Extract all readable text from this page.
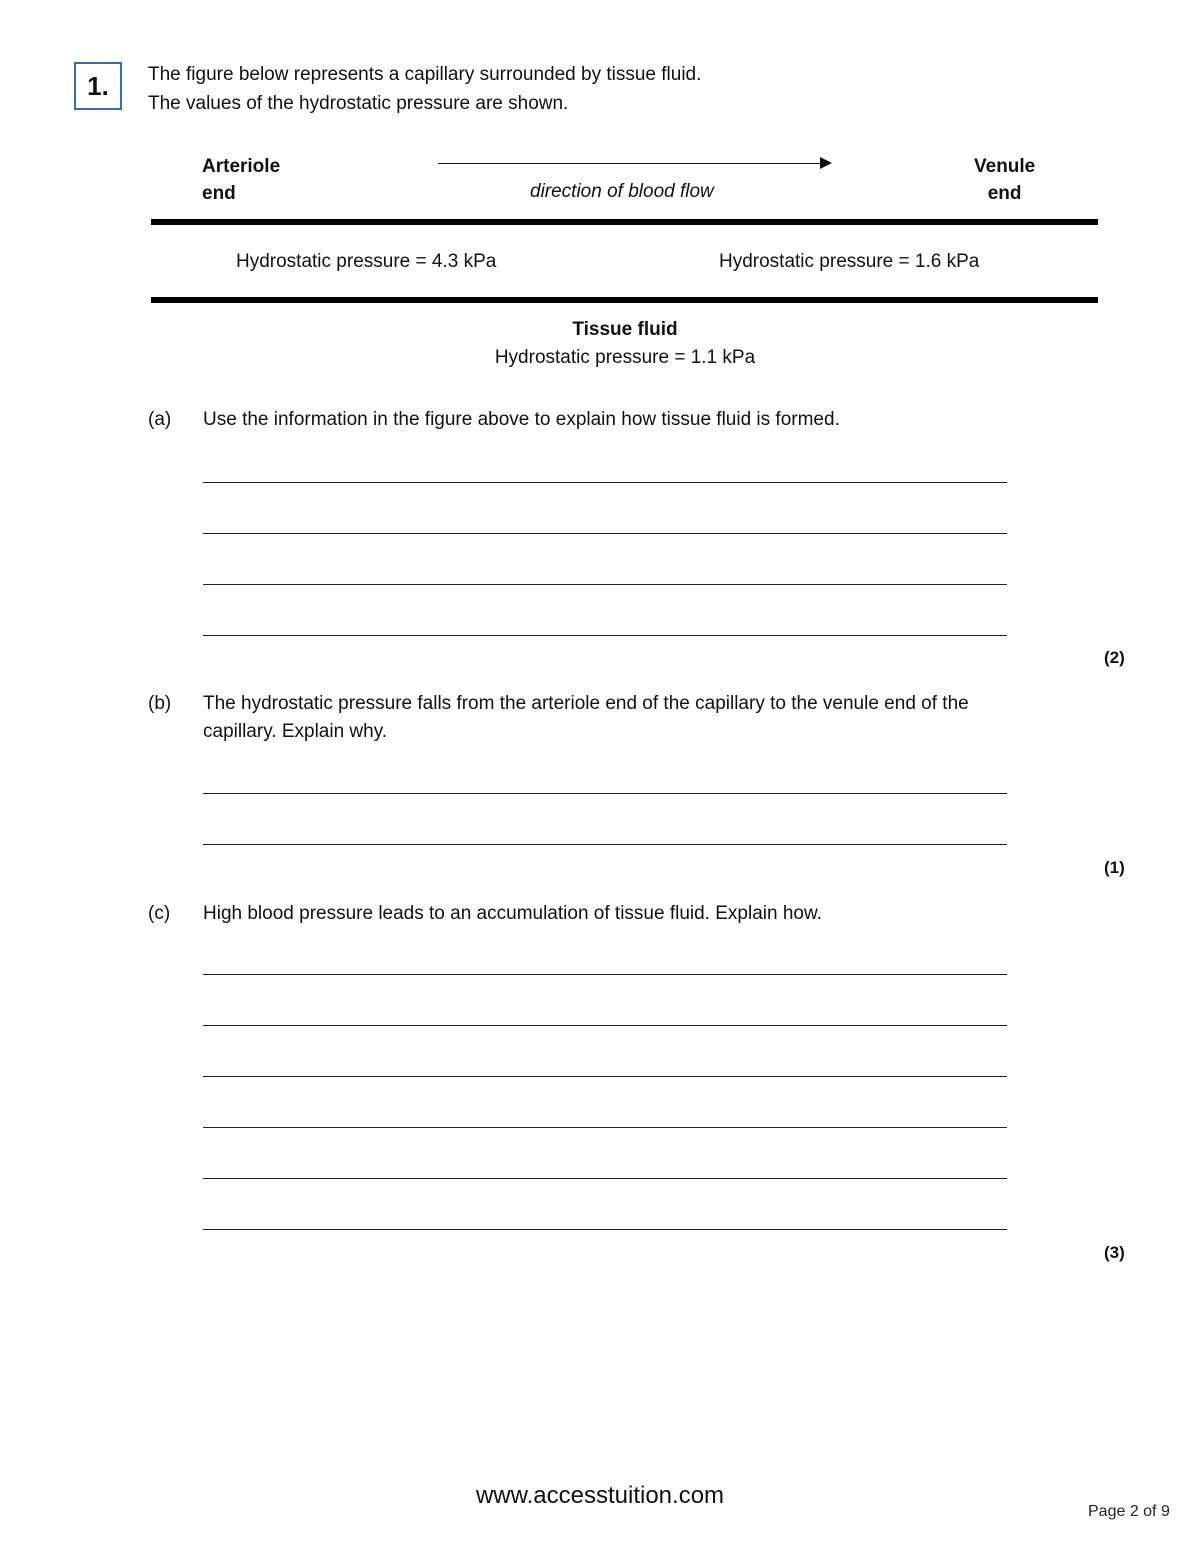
1.	The figure below represents a capillary surrounded by tissue fluid.
The values of the hydrostatic pressure are shown.
Arteriole
end	direction of blood flow
Venule
end
Hydrostatic pressure = 4.3 kPa	Hydrostatic pressure = 1.6 kPa
Tissue fluid
Hydrostatic pressure = 1.1 kPa
(a) Use the information in the figure above to explain how tissue fluid is formed.
(2)
(b) The hydrostatic pressure falls from the arteriole end of the capillary to the venule end of the
capillary. Explain why.
(1)
(c) High blood pressure leads to an accumulation of tissue fluid. Explain how.
(3)
www.accesstuition.com
Page 2 of 9
